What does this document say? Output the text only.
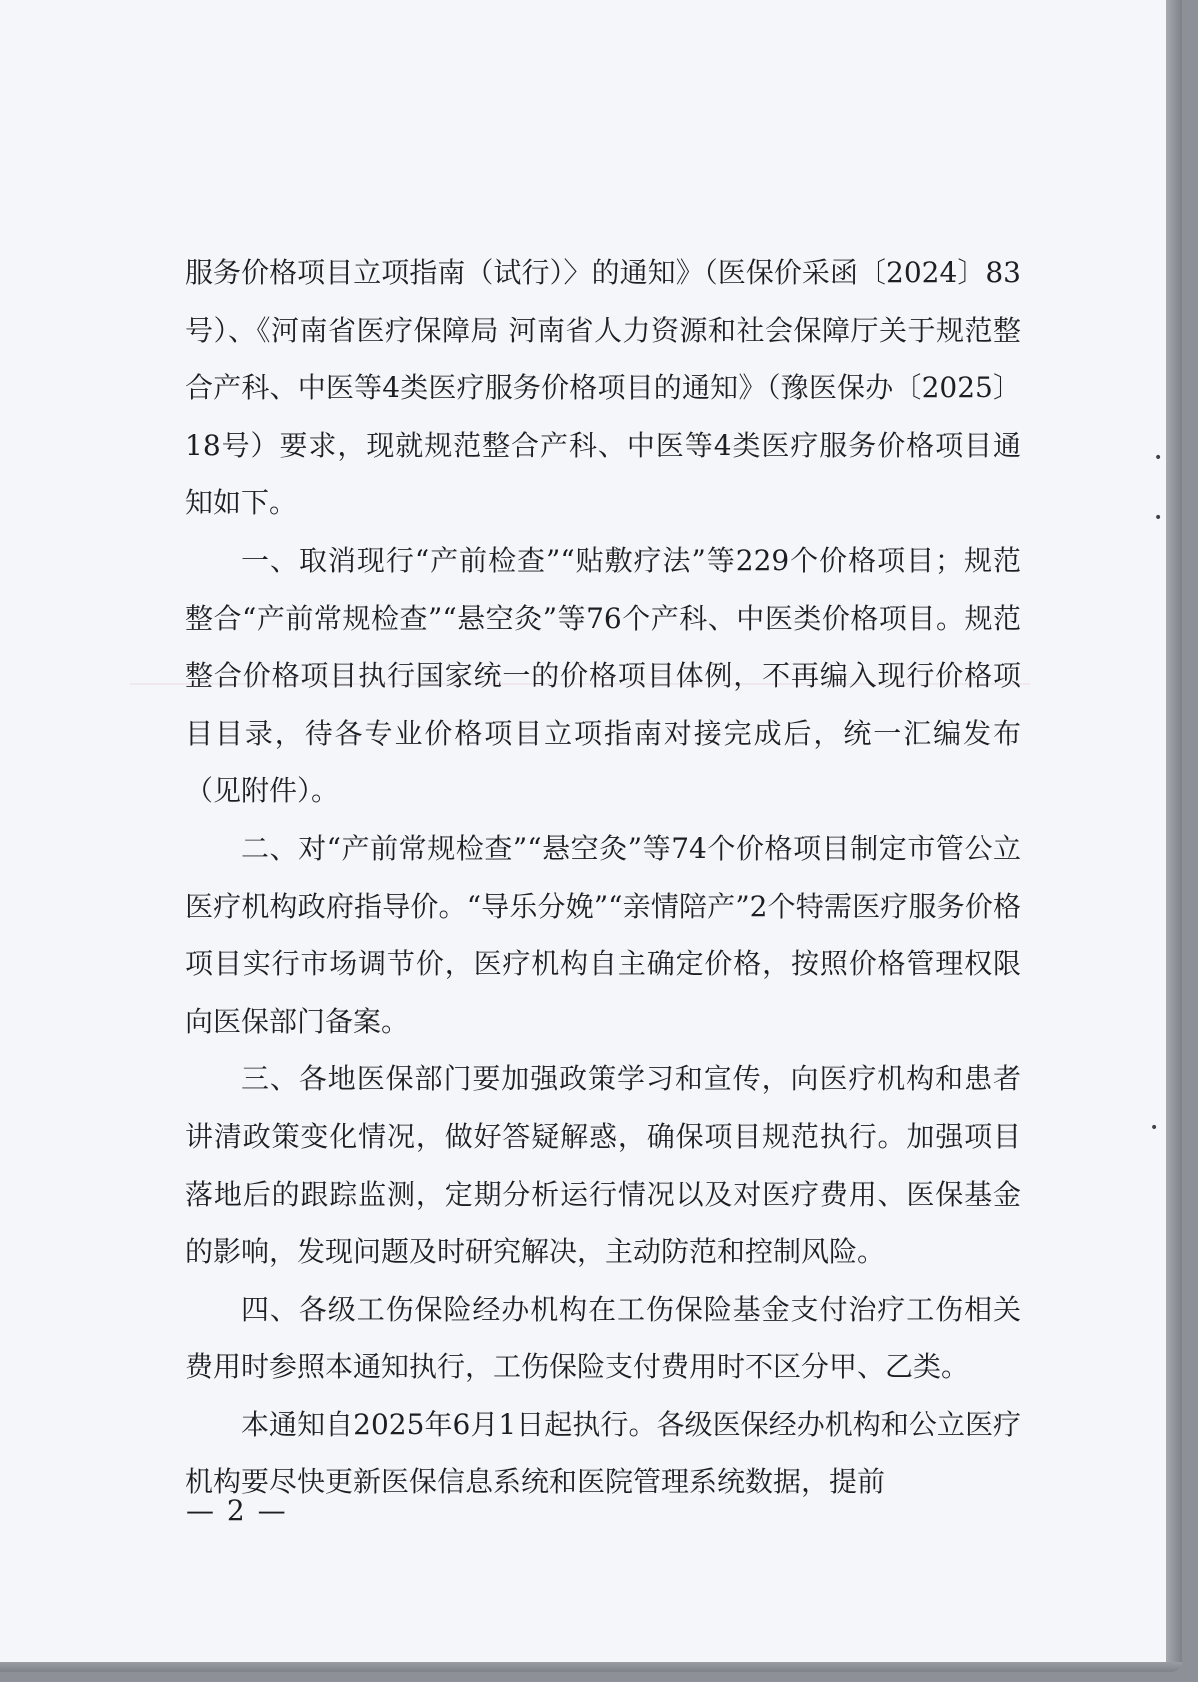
服务价格项目立项指南（试行）〉的通知》（医保价采函〔2024〕83号）、《河南省医疗保障局 河南省人力资源和社会保障厅关于规范整合产科、中医等4类医疗服务价格项目的通知》（豫医保办〔2025〕18号）要求，现就规范整合产科、中医等4类医疗服务价格项目通知如下。

一、取消现行“产前检查”“贴敷疗法”等229个价格项目；规范整合“产前常规检查”“悬空灸”等76个产科、中医类价格项目。规范整合价格项目执行国家统一的价格项目体例，不再编入现行价格项目目录，待各专业价格项目立项指南对接完成后，统一汇编发布（见附件）。

二、对“产前常规检查”“悬空灸”等74个价格项目制定市管公立医疗机构政府指导价。“导乐分娩”“亲情陪产”2个特需医疗服务价格项目实行市场调节价，医疗机构自主确定价格，按照价格管理权限向医保部门备案。

三、各地医保部门要加强政策学习和宣传，向医疗机构和患者讲清政策变化情况，做好答疑解惑，确保项目规范执行。加强项目落地后的跟踪监测，定期分析运行情况以及对医疗费用、医保基金的影响，发现问题及时研究解决，主动防范和控制风险。

四、各级工伤保险经办机构在工伤保险基金支付治疗工伤相关费用时参照本通知执行，工伤保险支付费用时不区分甲、乙类。

本通知自2025年6月1日起执行。各级医保经办机构和公立医疗机构要尽快更新医保信息系统和医院管理系统数据，提前

— 2 —
•
•
•
